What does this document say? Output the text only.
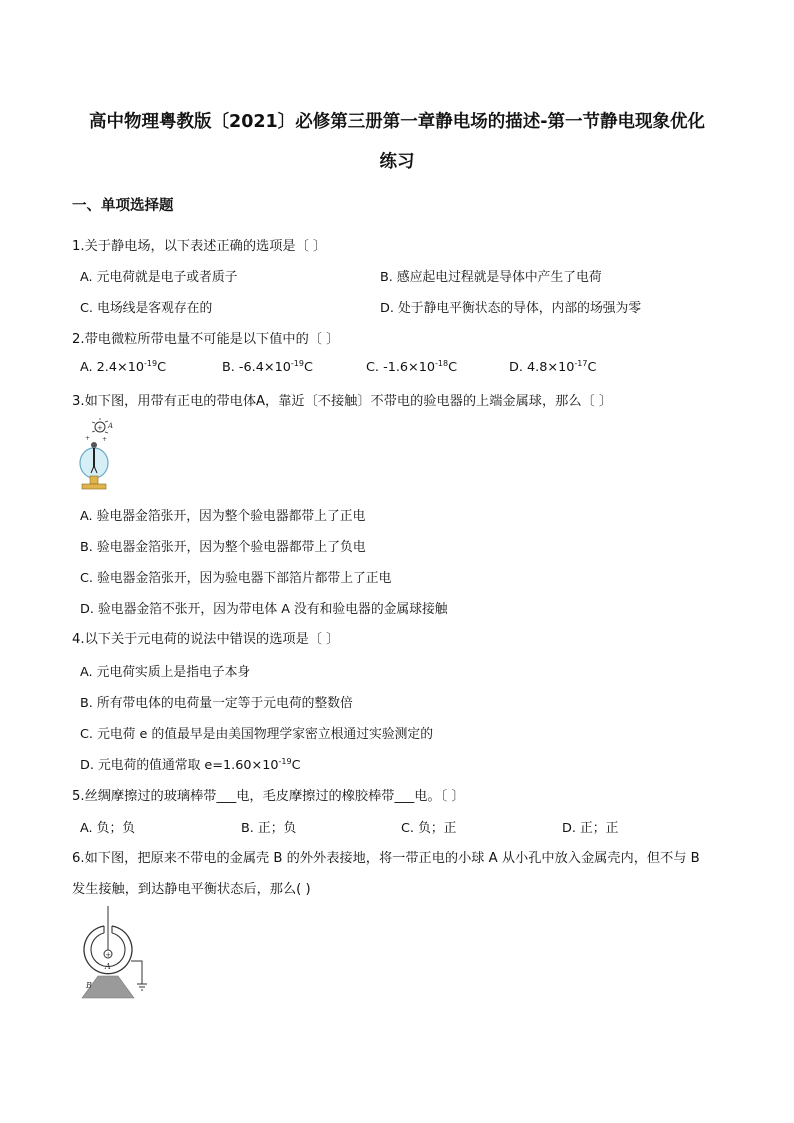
高中物理粤教版〔2021〕必修第三册第一章静电场的描述-第一节静电现象优化
练习
一、单项选择题
1.关于静电场，以下表述正确的选项是〔 〕
A. 元电荷就是电子或者质子	B. 感应起电过程就是导体中产生了电荷
C. 电场线是客观存在的	D. 处于静电平衡状态的导体，内部的场强为零
2.带电微粒所带电量不可能是以下值中的〔 〕
A. $2.4\times 10^{-19}C$	B. $-6.4\times 10^{-19}C$	C. $-1.6\times 10^{-18}C$	D. $4.8\times 10^{-17}C$
3.如下图，用带有正电的带电体A，靠近〔不接触〕不带电的验电器的上端金属球，那么〔 〕
+ A
+ +
A. 验电器金箔张开，因为整个验电器都带上了正电
B. 验电器金箔张开，因为整个验电器都带上了负电
C. 验电器金箔张开，因为验电器下部箔片都带上了正电
D. 验电器金箔不张开，因为带电体 A 没有和验电器的金属球接触
4.以下关于元电荷的说法中错误的选项是〔 〕
A. 元电荷实质上是指电子本身
B. 所有带电体的电荷量一定等于元电荷的整数倍
C. 元电荷 e 的值最早是由美国物理学家密立根通过实验测定的
D. 元电荷的值通常取 $e=1.60\times 10^{-19}C$
5.丝绸摩擦过的玻璃棒带___电，毛皮摩擦过的橡胶棒带___电。〔 〕
A. 负；负	B. 正；负	C. 负；正	D. 正；正
6.如下图，把原来不带电的金属壳 B 的外外表接地，将一带正电的小球 A 从小孔中放入金属壳内，但不与 B
发生接触，到达静电平衡状态后，那么( )
+
A
B
